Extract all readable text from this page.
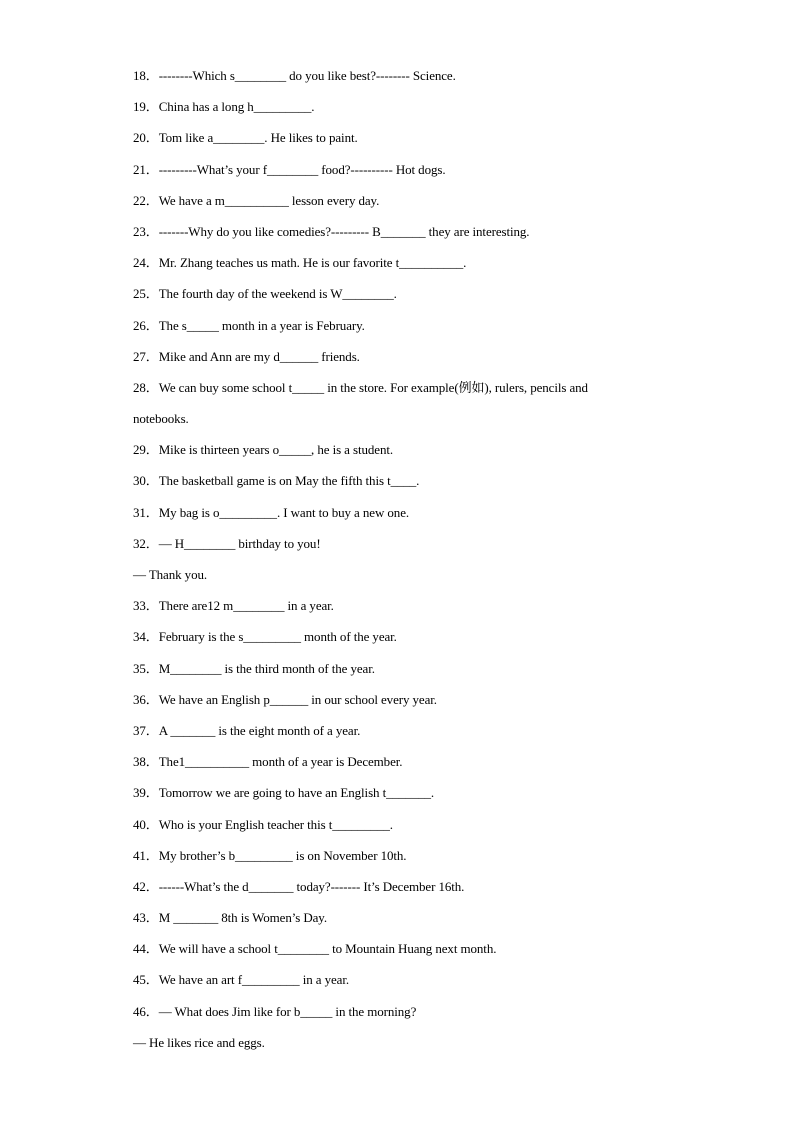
18．--------Which s________ do you like best?-------- Science.
19．China has a long h_________.
20．Tom like a________. He likes to paint.
21．---------What’s your f________ food?---------- Hot dogs.
22．We have a m__________ lesson every day.
23．-------Why do you like comedies?--------- B_______ they are interesting.
24．Mr. Zhang teaches us math. He is our favorite t__________.
25．The fourth day of the weekend is W________.
26．The s_____ month in a year is February.
27．Mike and Ann are my d______ friends.
28．We can buy some school t_____ in the store. For example(例如), rulers, pencils and
notebooks.
29．Mike is thirteen years o_____, he is a student.
30．The basketball game is on May the fifth this t____.
31．My bag is o_________. I want to buy a new one.
32．— H________ birthday to you!
— Thank you.
33．There are12 m________ in a year.
34．February is the s_________ month of the year.
35．M________ is the third month of the year.
36．We have an English p______ in our school every year.
37．A _______ is the eight month of a year.
38．The1__________ month of a year is December.
39．Tomorrow we are going to have an English t_______.
40．Who is your English teacher this t_________.
41．My brother’s b_________ is on November 10th.
42．------What’s the d_______ today?------- It’s December 16th.
43．M _______ 8th is Women’s Day.
44．We will have a school t________ to Mountain Huang next month.
45．We have an art f_________ in a year.
46．— What does Jim like for b_____ in the morning?
— He likes rice and eggs.
